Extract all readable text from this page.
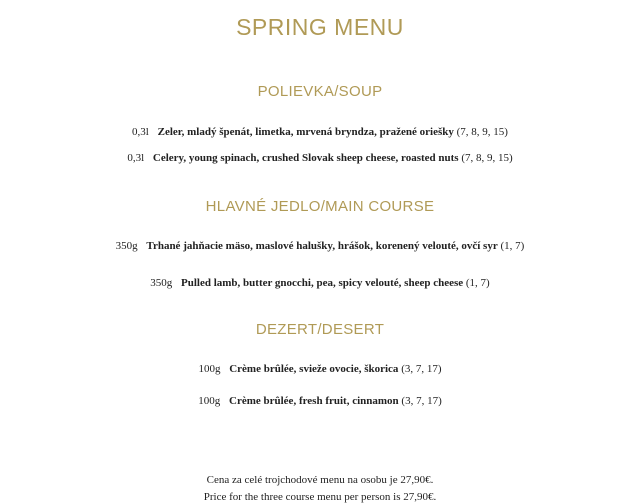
SPRING MENU
POLIEVKA/SOUP
0,3l Zeler, mladý špenát, limetka, mrvená bryndza, pražené oriešky (7, 8, 9, 15)
0,3l Celery, young spinach, crushed Slovak sheep cheese, roasted nuts (7, 8, 9, 15)
HLAVNÉ JEDLO/MAIN COURSE
350g Trhané jahňacie mäso, maslové halušky, hrášok, korenený velouté, ovčí syr (1, 7)
350g Pulled lamb, butter gnocchi, pea, spicy velouté, sheep cheese (1, 7)
DEZERT/DESERT
100g Crème brûlée, svieže ovocie, škorica (3, 7, 17)
100g Crème brûlée, fresh fruit, cinnamon (3, 7, 17)
Cena za celé trojchodové menu na osobu je 27,90€.
Price for the three course menu per person is 27,90€.
